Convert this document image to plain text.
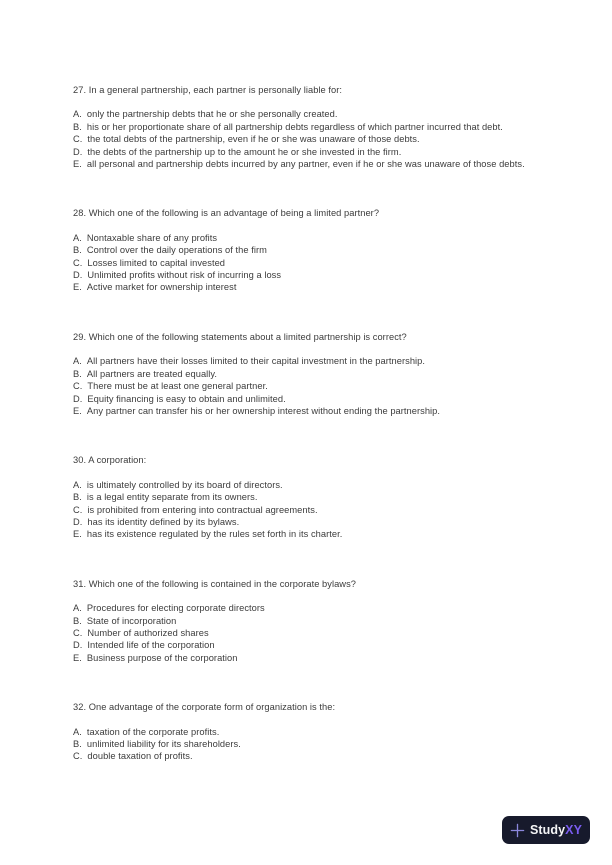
27. In a general partnership, each partner is personally liable for:

A. only the partnership debts that he or she personally created.

B. his or her proportionate share of all partnership debts regardless of which partner incurred that debt.

C. the total debts of the partnership, even if he or she was unaware of those debts.

D. the debts of the partnership up to the amount he or she invested in the firm.

E. all personal and partnership debts incurred by any partner, even if he or she was unaware of those debts.

28. Which one of the following is an advantage of being a limited partner?

A. Nontaxable share of any profits

B. Control over the daily operations of the firm

C. Losses limited to capital invested

D. Unlimited profits without risk of incurring a loss

E. Active market for ownership interest

29. Which one of the following statements about a limited partnership is correct?

A. All partners have their losses limited to their capital investment in the partnership.

B. All partners are treated equally.

C. There must be at least one general partner.

D. Equity financing is easy to obtain and unlimited.

E. Any partner can transfer his or her ownership interest without ending the partnership.

30. A corporation:

A. is ultimately controlled by its board of directors.

B. is a legal entity separate from its owners.

C. is prohibited from entering into contractual agreements.

D. has its identity defined by its bylaws.

E. has its existence regulated by the rules set forth in its charter.

31. Which one of the following is contained in the corporate bylaws?

A. Procedures for electing corporate directors

B. State of incorporation

C. Number of authorized shares

D. Intended life of the corporation

E. Business purpose of the corporation

32. One advantage of the corporate form of organization is the:

A. taxation of the corporate profits.

B. unlimited liability for its shareholders.

C. double taxation of profits.

StudyXY
